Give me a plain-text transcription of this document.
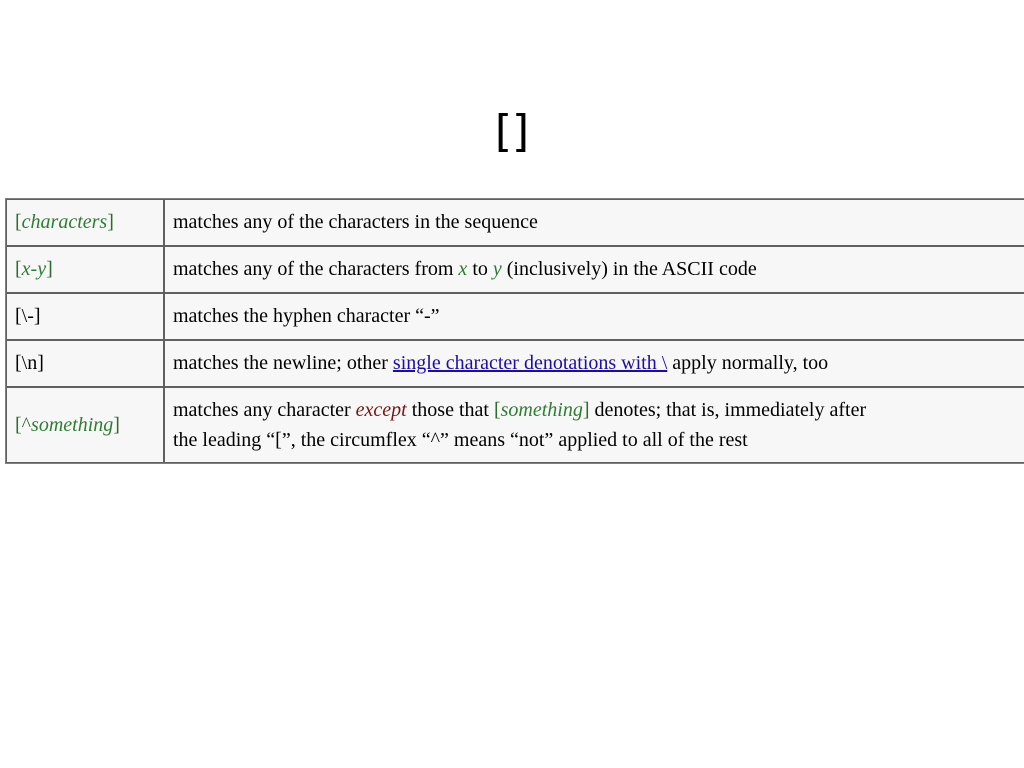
[]
[characters]	matches any of the characters in the sequence
[x-y]	matches any of the characters from x to y (inclusively) in the ASCII code
[\-]	matches the hyphen character “-”
[\n]	matches the newline; other single character denotations with \ apply normally, too
[^something]	matches any character except those that [something] denotes; that is, immediately after
the leading “[”, the circumflex “^” means “not” applied to all of the rest
